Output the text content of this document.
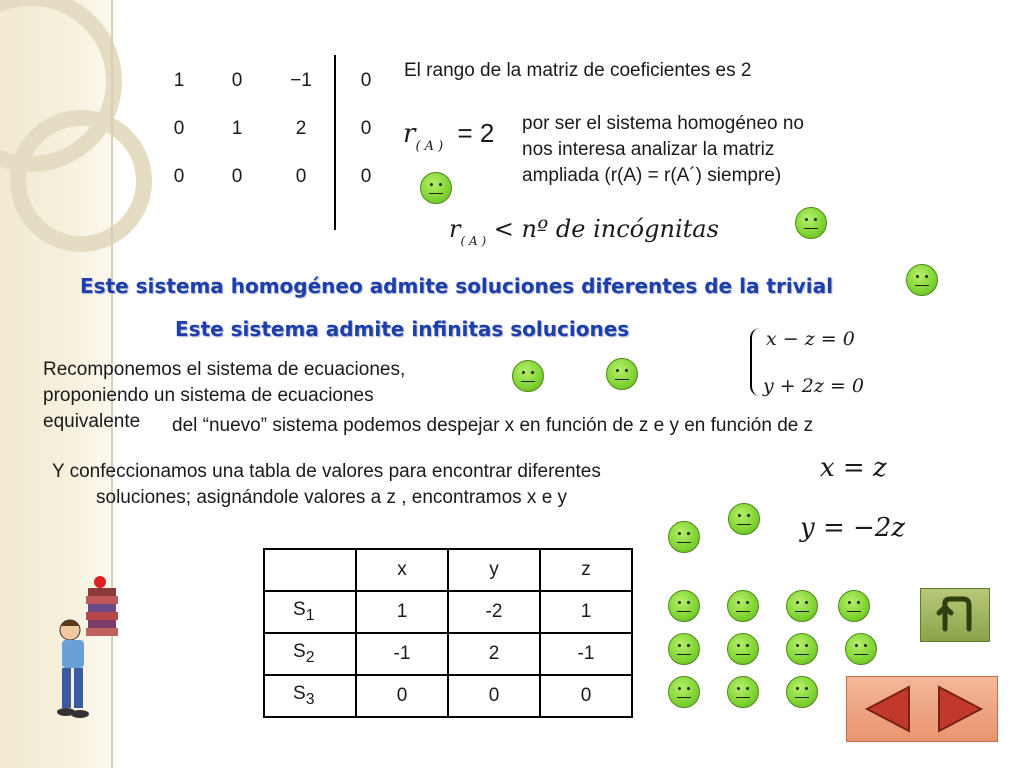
1	0	−1	0
0	1	2	0
0	0	0	0
El rango de la matriz de coeficientes es 2
$r_{( A )} = 2$ por ser el sistema homogéneo no
nos interesa analizar la matriz
ampliada (r(A) = r(A´) siempre)
$r_{( A )}$ < nº de incógnitas
Este sistema homogéneo admite soluciones diferentes de la trivial
Este sistema admite infinitas soluciones	x − z = 0
y + 2z = 0
Recomponemos el sistema de ecuaciones,
proponiendo un sistema de ecuaciones
equivalente del “nuevo” sistema podemos despejar x en función de z e y en función de z
Y confeccionamos una tabla de valores para encontrar diferentes
soluciones; asignándole valores a z , encontramos x e y
x = z
y = −2z
	x	y	z
$S_1$	1	-2	1
$S_2$	-1	2	-1
$S_3$	0	0	0
